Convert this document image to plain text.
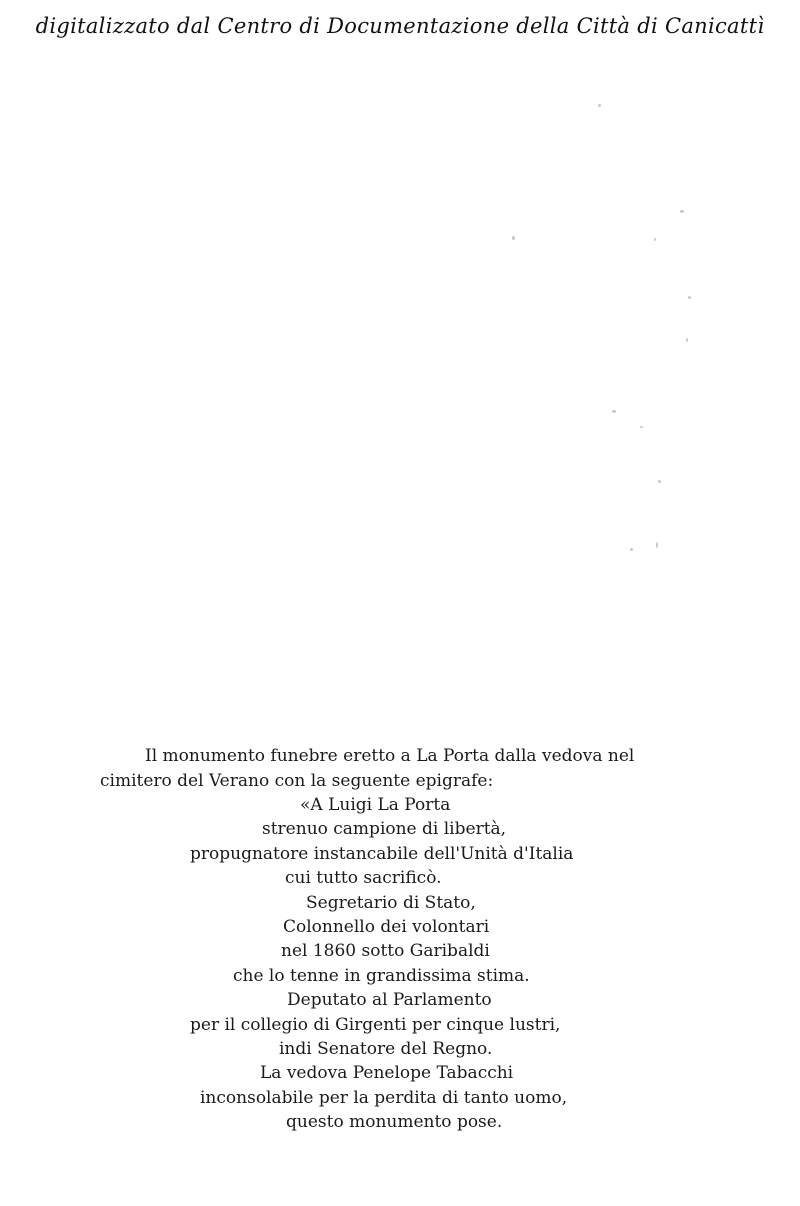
digitalizzato dal Centro di Documentazione della Città di Canicattì
Il monumento funebre eretto a La Porta dalla vedova nel
cimitero del Verano con la seguente epigrafe:
«A Luigi La Porta
strenuo campione di libertà,
propugnatore instancabile dell'Unità d'Italia
cui tutto sacrificò.
Segretario di Stato,
Colonnello dei volontari
nel 1860 sotto Garibaldi
che lo tenne in grandissima stima.
Deputato al Parlamento
per il collegio di Girgenti per cinque lustri,
indi Senatore del Regno.
La vedova Penelope Tabacchi
inconsolabile per la perdita di tanto uomo,
questo monumento pose.
